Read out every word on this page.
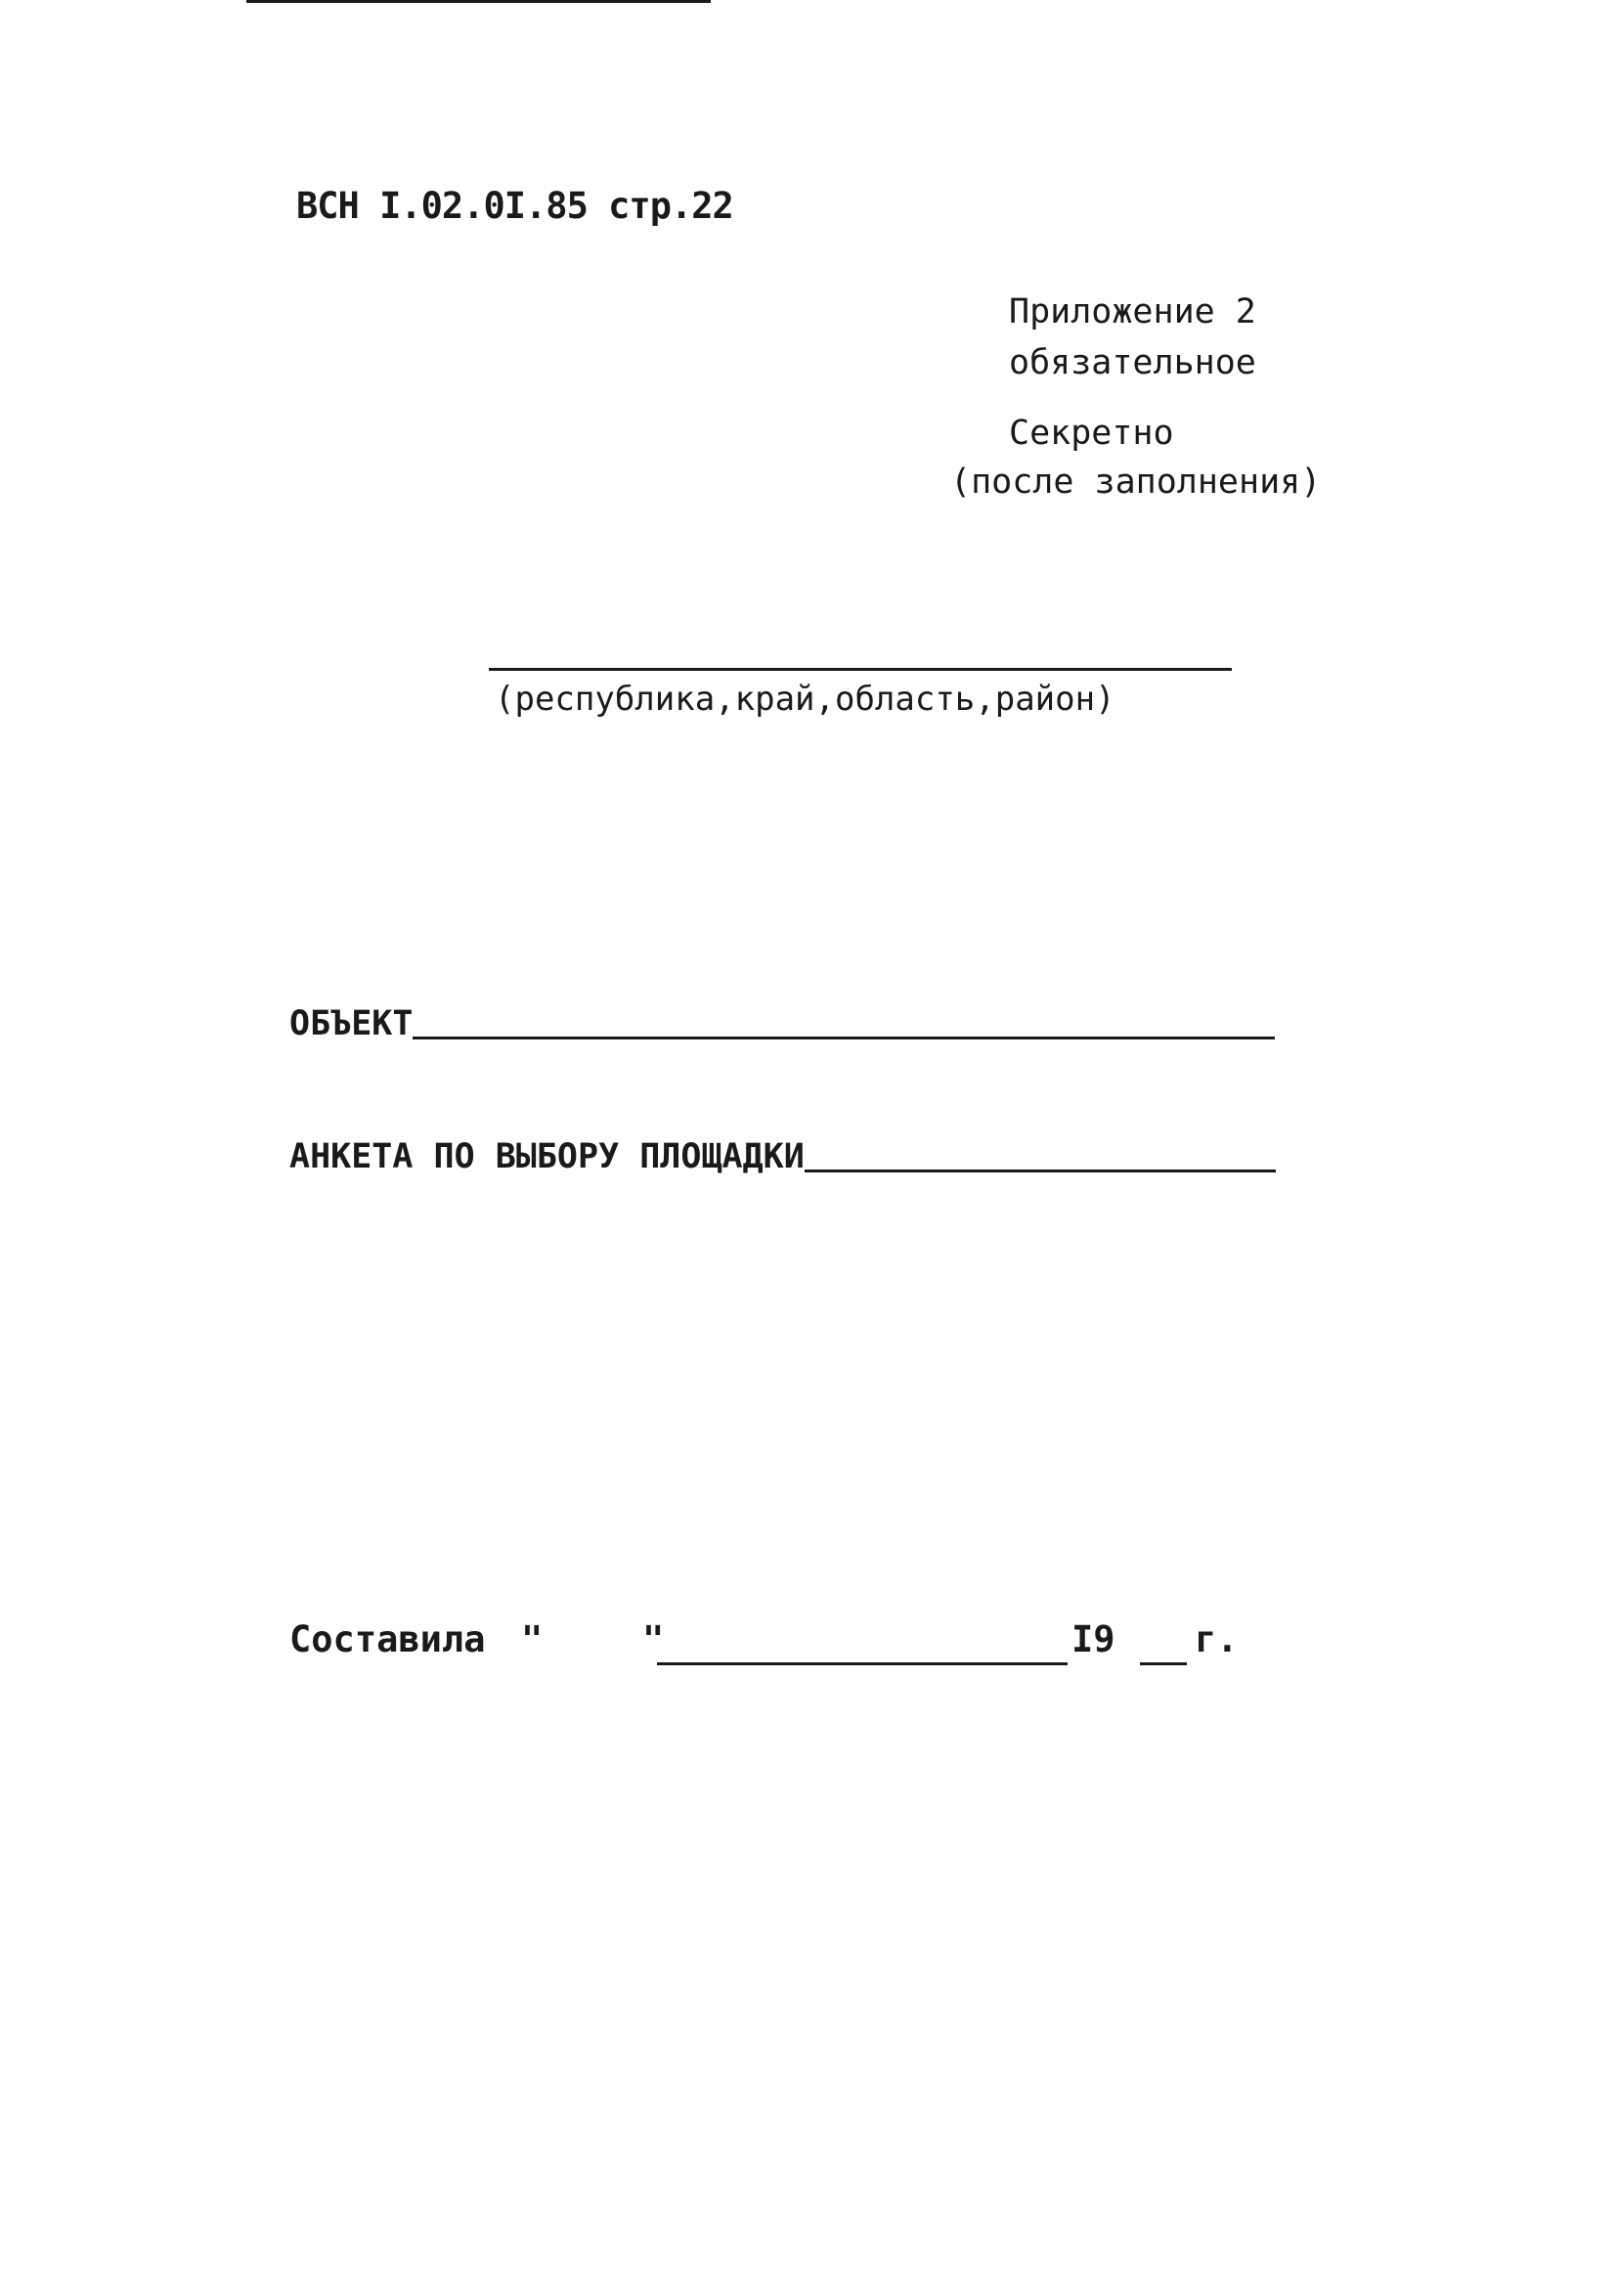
ВСН I.02.0I.85 стр.22
Приложение 2
обязательное
Секретно
(после заполнения)
(республика,край,область,район)
ОБЪЕКТ
АНКЕТА ПО ВЫБОРУ ПЛОЩАДКИ
Составила "	"	I9 г.
